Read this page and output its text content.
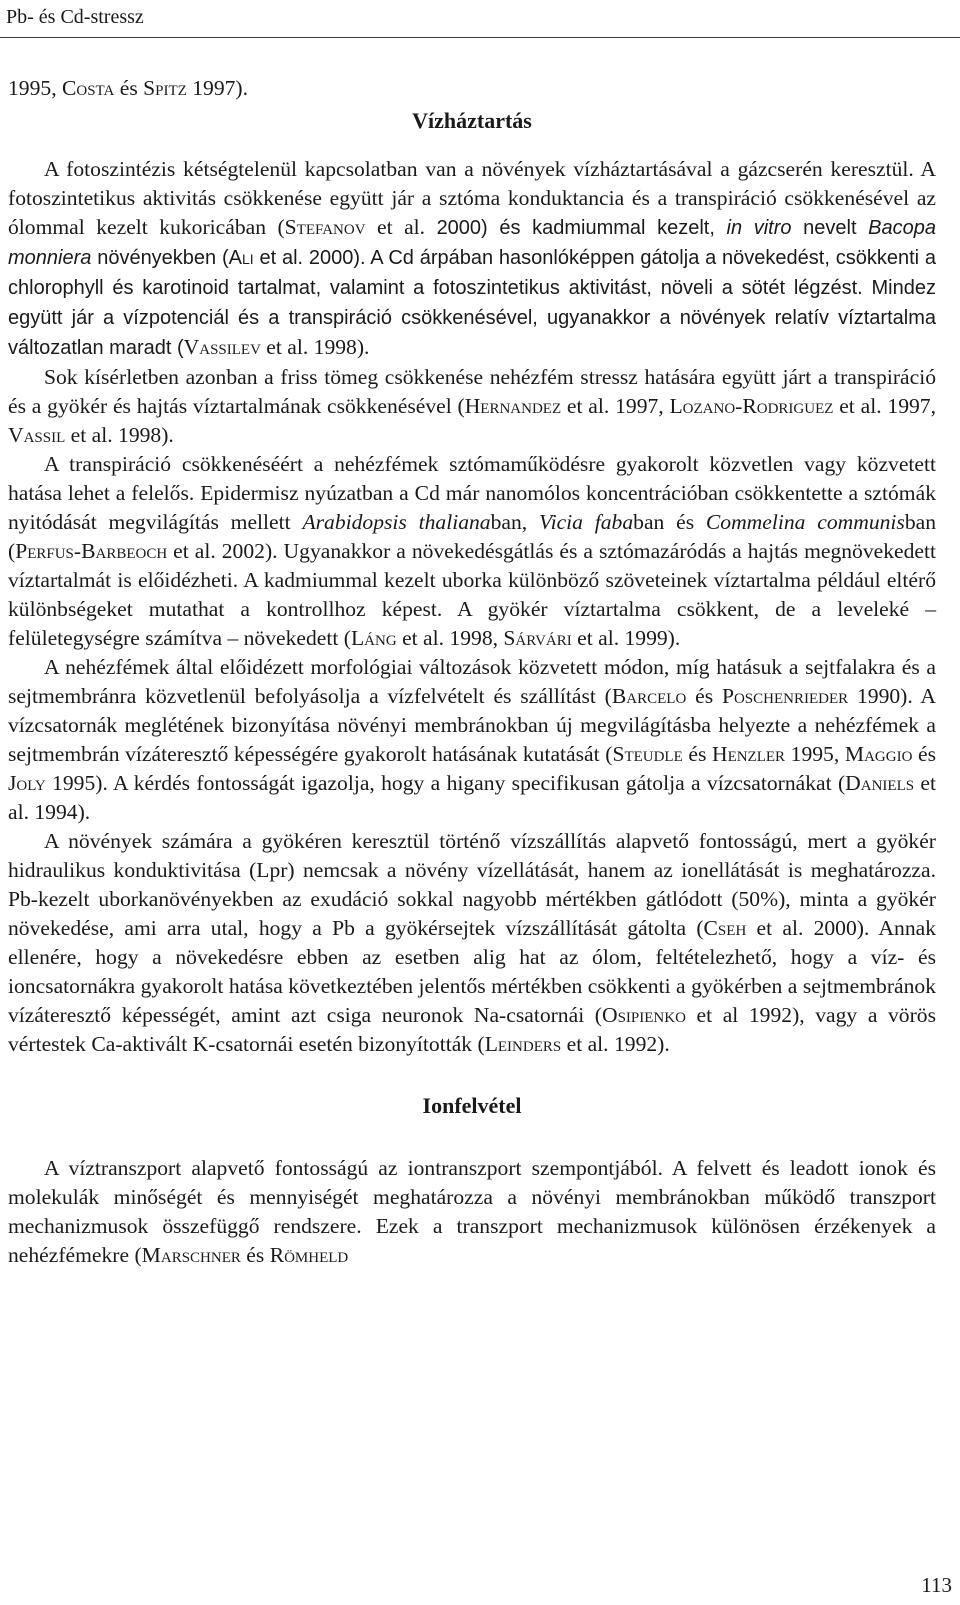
Pb- és Cd-stressz

1995, Costa és Spitz 1997).

Vízháztartás

A fotoszintézis kétségtelenül kapcsolatban van a növények vízháztartásával a gázcserén keresztül. A fotoszintetikus aktivitás csökkenése együtt jár a sztóma konduktancia és a transpiráció csökkenésével az ólommal kezelt kukoricában (Stefanov et al. 2000) és kadmiummal kezelt, in vitro nevelt Bacopa monniera növényekben (Ali et al. 2000). A Cd árpában hasonlóképpen gátolja a növekedést, csökkenti a chlorophyll és karotinoid tartalmat, valamint a fotoszintetikus aktivitást, növeli a sötét légzést. Mindez együtt jár a vízpotenciál és a transpiráció csökkenésével, ugyanakkor a növények relatív víztartalma változatlan maradt (Vassilev et al. 1998).

Sok kísérletben azonban a friss tömeg csökkenése nehézfém stressz hatására együtt járt a transpiráció és a gyökér és hajtás víztartalmának csökkenésével (Hernandez et al. 1997, Lozano-Rodriguez et al. 1997, Vassil et al. 1998).

A transpiráció csökkenéséért a nehézfémek sztómaműködésre gyakorolt közvetlen vagy közvetett hatása lehet a felelős. Epidermisz nyúzatban a Cd már nanomólos koncentrációban csökkentette a sztómák nyitódását megvilágítás mellett Arabidopsis thalianaban, Vicia fababan és Commelina communisban (Perfus-Barbeoch et al. 2002). Ugyanakkor a növekedésgátlás és a sztómazáródás a hajtás megnövekedett víztartalmát is előidézheti. A kadmiummal kezelt uborka különböző szöveteinek víztartalma például eltérő különbségeket mutathat a kontrollhoz képest. A gyökér víztartalma csökkent, de a leveleké – felületegységre számítva – növekedett (Láng et al. 1998, Sárvári et al. 1999).

A nehézfémek által előidézett morfológiai változások közvetett módon, míg hatásuk a sejtfalakra és a sejtmembránra közvetlenül befolyásolja a vízfelvételt és szállítást (Barcelo és Poschenrieder 1990). A vízcsatornák meglétének bizonyítása növényi membránokban új megvilágításba helyezte a nehézfémek a sejtmembrán vízáteresztő képességére gyakorolt hatásának kutatását (Steudle és Henzler 1995, Maggio és Joly 1995). A kérdés fontosságát igazolja, hogy a higany specifikusan gátolja a vízcsatornákat (Daniels et al. 1994).

A növények számára a gyökéren keresztül történő vízszállítás alapvető fontosságú, mert a gyökér hidraulikus konduktivitása (Lpr) nemcsak a növény vízellátását, hanem az ionellátását is meghatározza. Pb-kezelt uborkanövényekben az exudáció sokkal nagyobb mértékben gátlódott (50%), minta a gyökér növekedése, ami arra utal, hogy a Pb a gyökérsejtek vízszállítását gátolta (Cseh et al. 2000). Annak ellenére, hogy a növekedésre ebben az esetben alig hat az ólom, feltételezhető, hogy a víz- és ioncsatornákra gyakorolt hatása következtében jelentős mértékben csökkenti a gyökérben a sejtmembránok vízáteresztő képességét, amint azt csiga neuronok Na-csatornái (Osipienko et al 1992), vagy a vörös vértestek Ca-aktivált K-csatornái esetén bizonyították (Leinders et al. 1992).

Ionfelvétel

A víztranszport alapvető fontosságú az iontranszport szempontjából. A felvett és leadott ionok és molekulák minőségét és mennyiségét meghatározza a növényi membránokban működő transzport mechanizmusok összefüggő rendszere. Ezek a transzport mechanizmusok különösen érzékenyek a nehézfémekre (Marschner és Römheld

113
